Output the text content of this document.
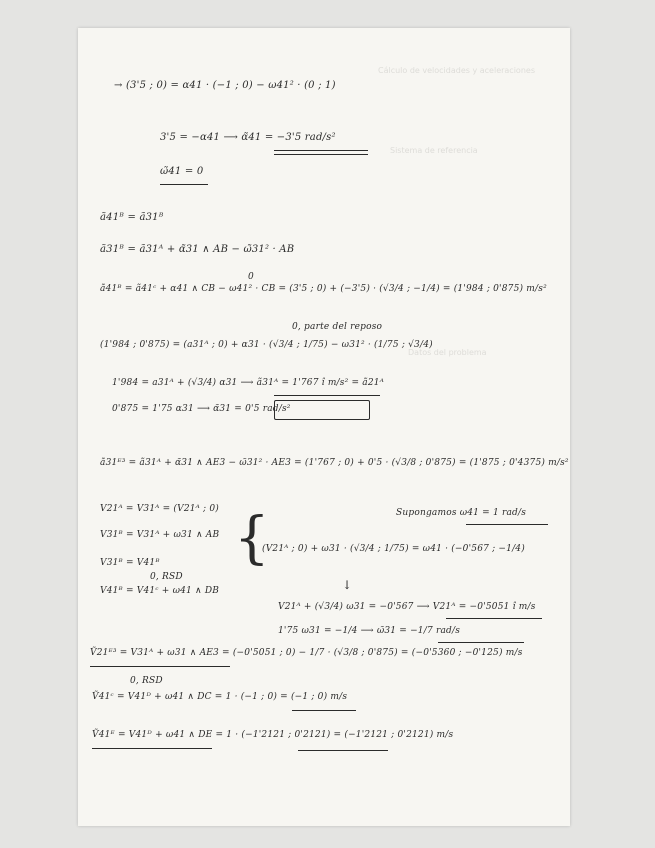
Cálculo de velocidades y aceleraciones
Sistema de referencia
Datos del problema
→ (3'5 ; 0) = α41 · (−1 ; 0) − ω41² · (0 ; 1)
3'5 = −α41 ⟶ α̃41 = −3'5 rad/s²
ω̃41 = 0
ã41ᴮ = ã31ᴮ
ã31ᴮ = ã31ᴬ + α̃31 ∧ AB − ω̃31² · AB
0
ã41ᴮ = ã41ᶜ + α41 ∧ CB − ω41² · CB = (3'5 ; 0) + (−3'5) · (√3/4 ; −1/4) = (1'984 ; 0'875) m/s²
0, parte del reposo
(1'984 ; 0'875) = (a31ᴬ ; 0) + α31 · (√3/4 ; 1/75) − ω31² · (1/75 ; √3/4)
1'984 = a31ᴬ + (√3/4) α31 ⟶ ã31ᴬ = 1'767 î m/s² = ã21ᴬ
0'875 = 1'75 α31 ⟶ α̃31 = 0'5 rad/s²
ã31ᴱ³ = ã31ᴬ + α̃31 ∧ AE3 − ω̃31² · AE3 = (1'767 ; 0) + 0'5 · (√3/8 ; 0'875) = (1'875 ; 0'4375) m/s²
V21ᴬ = V31ᴬ = (V21ᴬ ; 0)
V31ᴮ = V31ᴬ + ω31 ∧ AB
V31ᴮ = V41ᴮ
0, RSD
V41ᴮ = V41ᶜ + ω41 ∧ DB
{	Supongamos ω41 = 1 rad/s
(V21ᴬ ; 0) + ω31 · (√3/4 ; 1/75) = ω41 · (−0'567 ; −1/4)
↓
V21ᴬ + (√3/4) ω31 = −0'567 ⟶ V21ᴬ = −0'5051 î m/s
1'75 ω31 = −1/4 ⟶ ω̃31 = −1/7 rad/s
Ṽ21ᴱ³ = V31ᴬ + ω31 ∧ AE3 = (−0'5051 ; 0) − 1/7 · (√3/8 ; 0'875) = (−0'5360 ; −0'125) m/s
0, RSD
Ṽ41ᶜ = V41ᴰ + ω41 ∧ DC = 1 · (−1 ; 0) = (−1 ; 0) m/s
Ṽ41ᴱ = V41ᴰ + ω41 ∧ DE = 1 · (−1'2121 ; 0'2121) = (−1'2121 ; 0'2121) m/s
